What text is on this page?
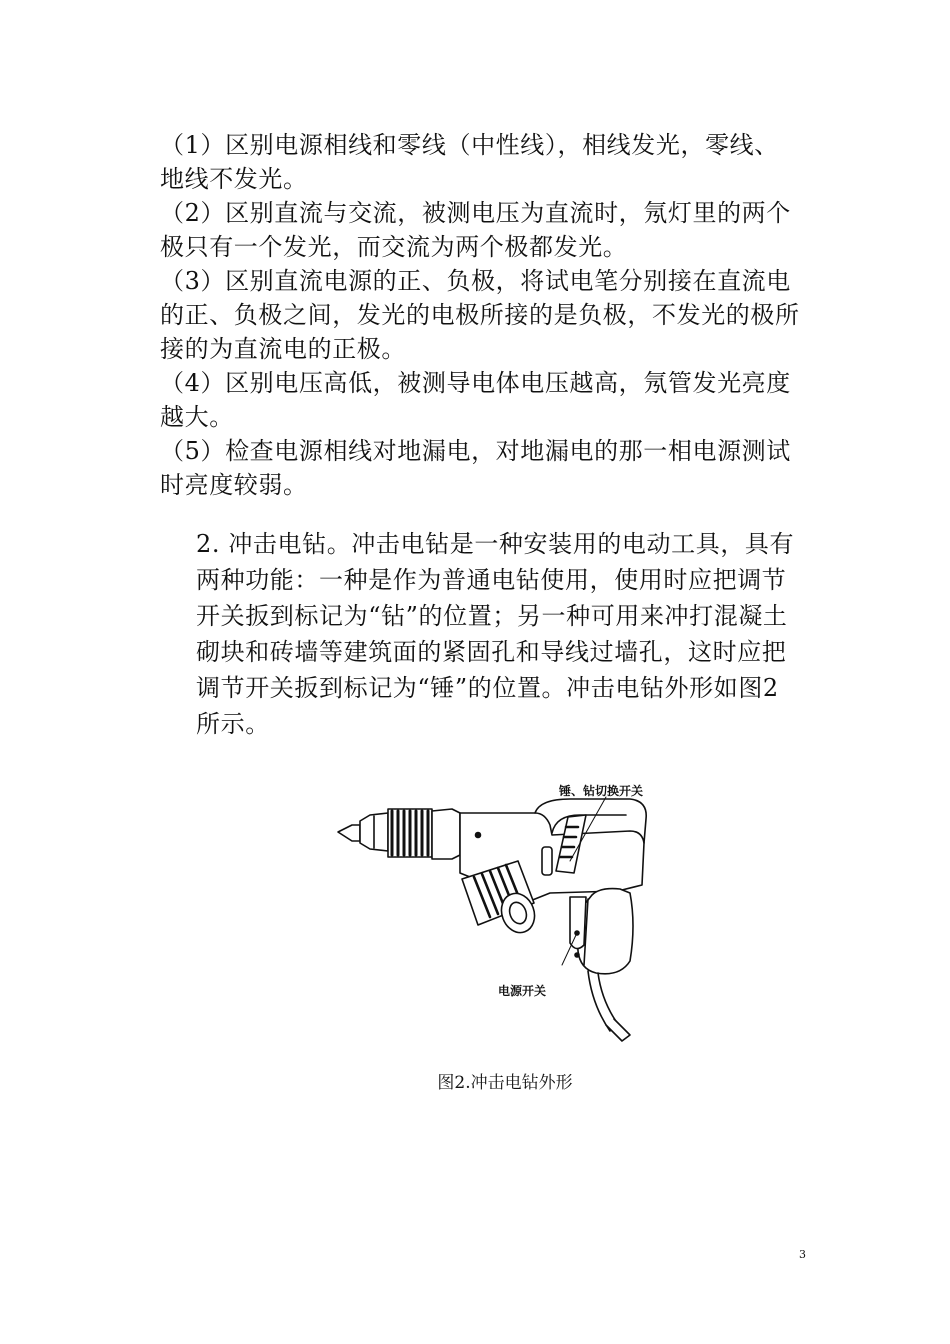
（1）区别电源相线和零线（中性线），相线发光，零线、地线不发光。

（2）区别直流与交流，被测电压为直流时，氖灯里的两个极只有一个发光，而交流为两个极都发光。

（3）区别直流电源的正、负极，将试电笔分别接在直流电的正、负极之间，发光的电极所接的是负极，不发光的极所接的为直流电的正极。

（4）区别电压高低，被测导电体电压越高，氖管发光亮度越大。

（5）检查电源相线对地漏电，对地漏电的那一相电源测试时亮度较弱。

2. 冲击电钻。冲击电钻是一种安装用的电动工具，具有两种功能：一种是作为普通电钻使用，使用时应把调节开关扳到标记为“钻”的位置；另一种可用来冲打混凝土砌块和砖墙等建筑面的紧固孔和导线过墙孔，这时应把调节开关扳到标记为“锤”的位置。冲击电钻外形如图2所示。

锤、钻切换开关
电源开关
图2.冲击电钻外形
3
